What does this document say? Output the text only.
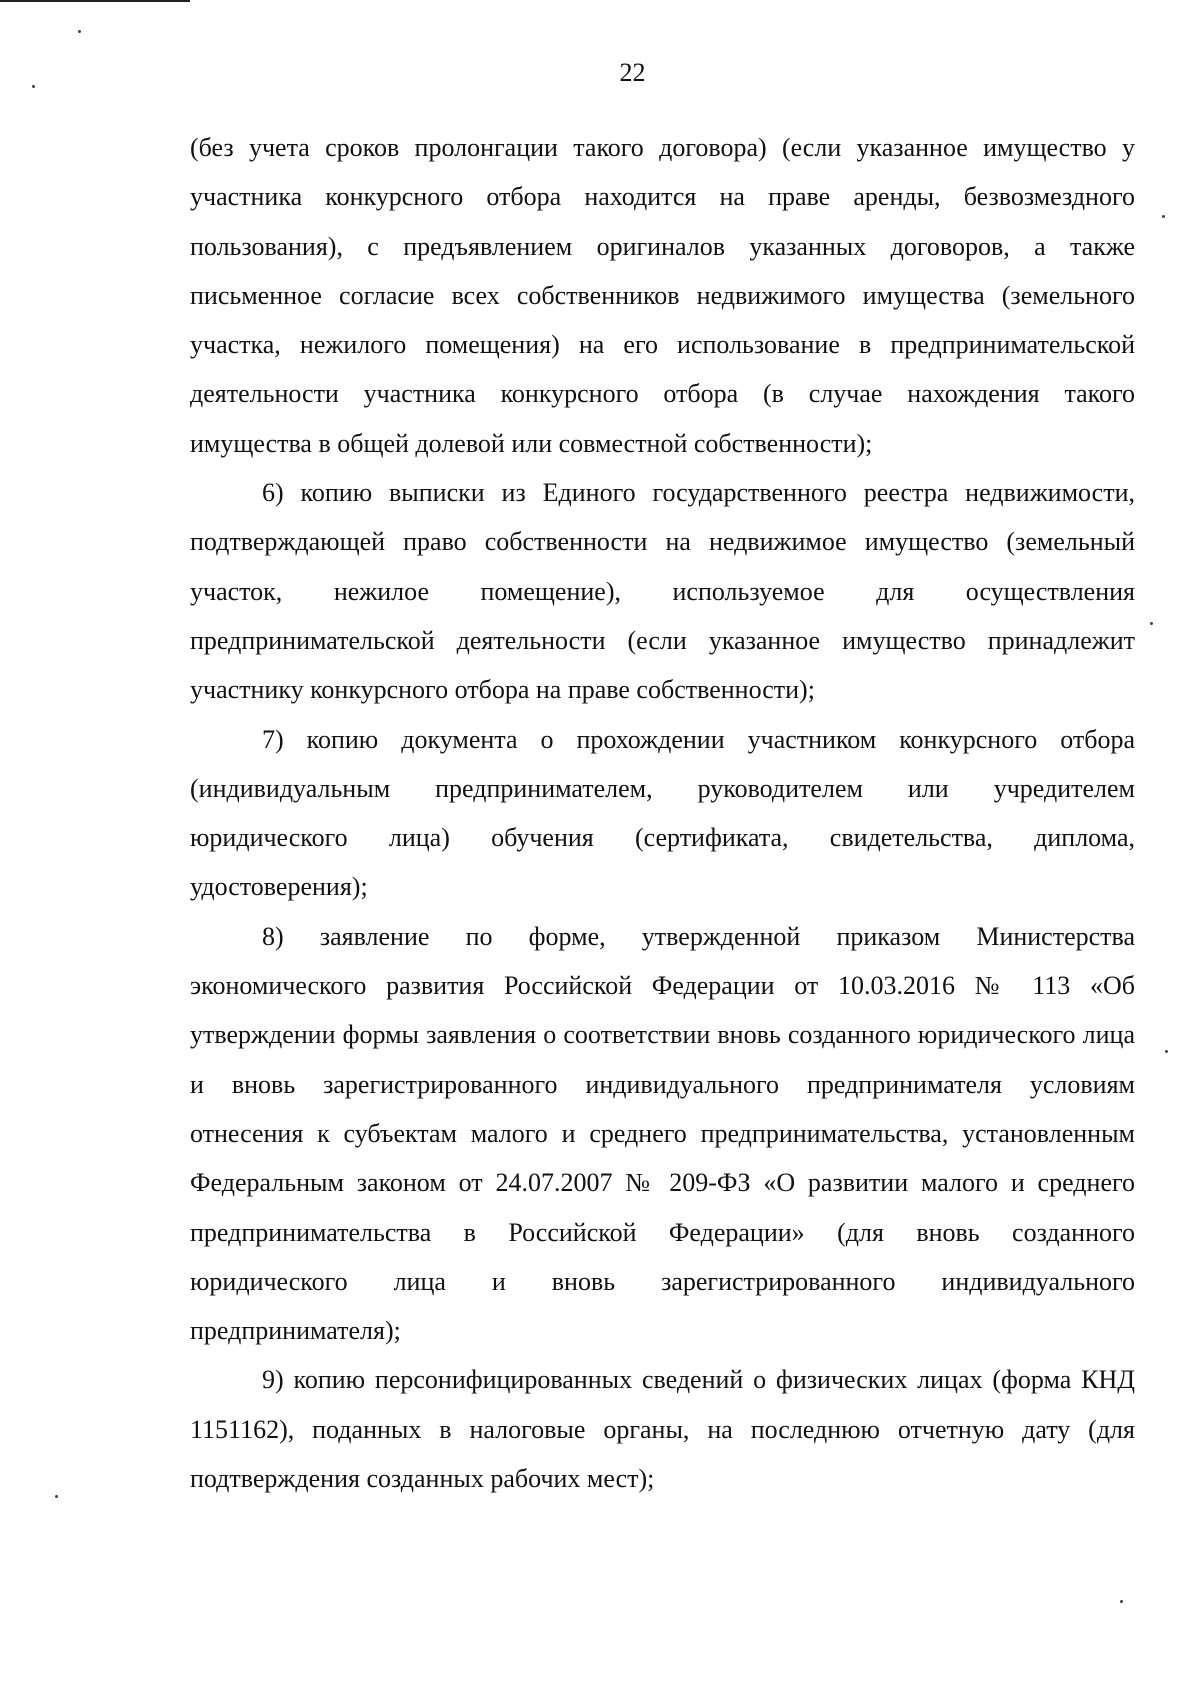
22

(без учета сроков пролонгации такого договора) (если указанное имущество у участника конкурсного отбора находится на праве аренды, безвозмездного пользования), с предъявлением оригиналов указанных договоров, а также письменное согласие всех собственников недвижимого имущества (земельного участка, нежилого помещения) на его использование в предпринимательской деятельности участника конкурсного отбора (в случае нахождения такого имущества в общей долевой или совместной собственности);

6) копию выписки из Единого государственного реестра недвижимости, подтверждающей право собственности на недвижимое имущество (земельный участок, нежилое помещение), используемое для осуществления предпринимательской деятельности (если указанное имущество принадлежит участнику конкурсного отбора на праве собственности);

7) копию документа о прохождении участником конкурсного отбора (индивидуальным предпринимателем, руководителем или учредителем юридического лица) обучения (сертификата, свидетельства, диплома, удостоверения);

8) заявление по форме, утвержденной приказом Министерства экономического развития Российской Федерации от 10.03.2016 № 113 «Об утверждении формы заявления о соответствии вновь созданного юридического лица и вновь зарегистрированного индивидуального предпринимателя условиям отнесения к субъектам малого и среднего предпринимательства, установленным Федеральным законом от 24.07.2007 № 209-ФЗ «О развитии малого и среднего предпринимательства в Российской Федерации» (для вновь созданного юридического лица и вновь зарегистрированного индивидуального предпринимателя);

9) копию персонифицированных сведений о физических лицах (форма КНД 1151162), поданных в налоговые органы, на последнюю отчетную дату (для подтверждения созданных рабочих мест);
